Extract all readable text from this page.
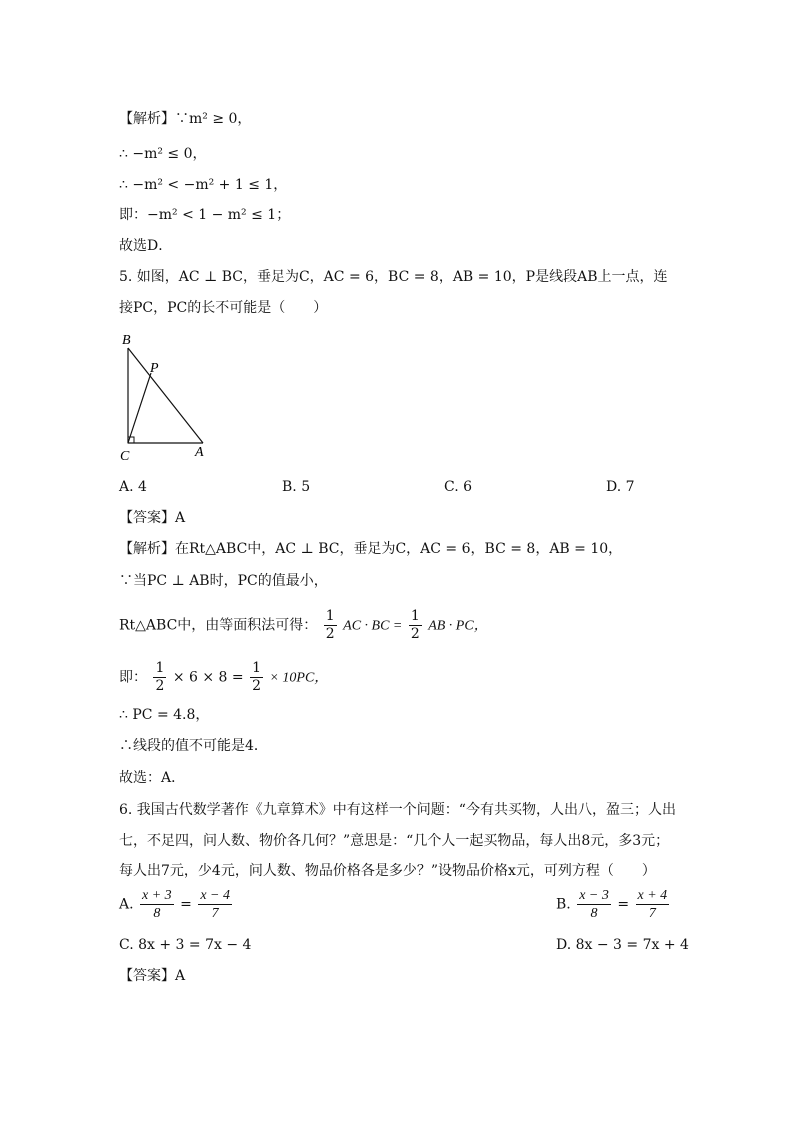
【解析】∵m² ≥ 0，
∴ −m² ≤ 0，
∴ −m² < −m² + 1 ≤ 1，
即：−m² < 1 − m² ≤ 1；
故选D．
5. 如图，AC ⊥ BC，垂足为C，AC = 6，BC = 8，AB = 10，P是线段AB上一点，连
接PC，PC的长不可能是（　　）
B
P
C	A
A. 4	B. 5	C. 6	D. 7
【答案】A
【解析】在Rt△ABC中，AC ⊥ BC，垂足为C，AC = 6，BC = 8，AB = 10，
∵当PC ⊥ AB时，PC的值最小，
Rt△ABC中，由等面积法可得： $\frac{1}{2}$ AC · BC = $\frac{1}{2}$ AB · PC，
即： $\frac{1}{2} \times 6 \times 8 = \frac{1}{2} \times 10PC$，
∴ PC = 4.8，
∴线段的值不可能是4．
故选：A．
6. 我国古代数学著作《九章算术》中有这样一个问题：“今有共买物，人出八，盈三；人出
七，不足四，问人数、物价各几何？”意思是：“几个人一起买物品，每人出8元，多3元；
每人出7元，少4元，问人数、物品价格各是多少？”设物品价格x元，可列方程（　　）
A. $\frac{x + 3}{8} = \frac{x - 4}{7}$	B. $\frac{x - 3}{8} = \frac{x + 4}{7}$
C. 8x + 3 = 7x − 4	D. 8x − 3 = 7x + 4
【答案】A
